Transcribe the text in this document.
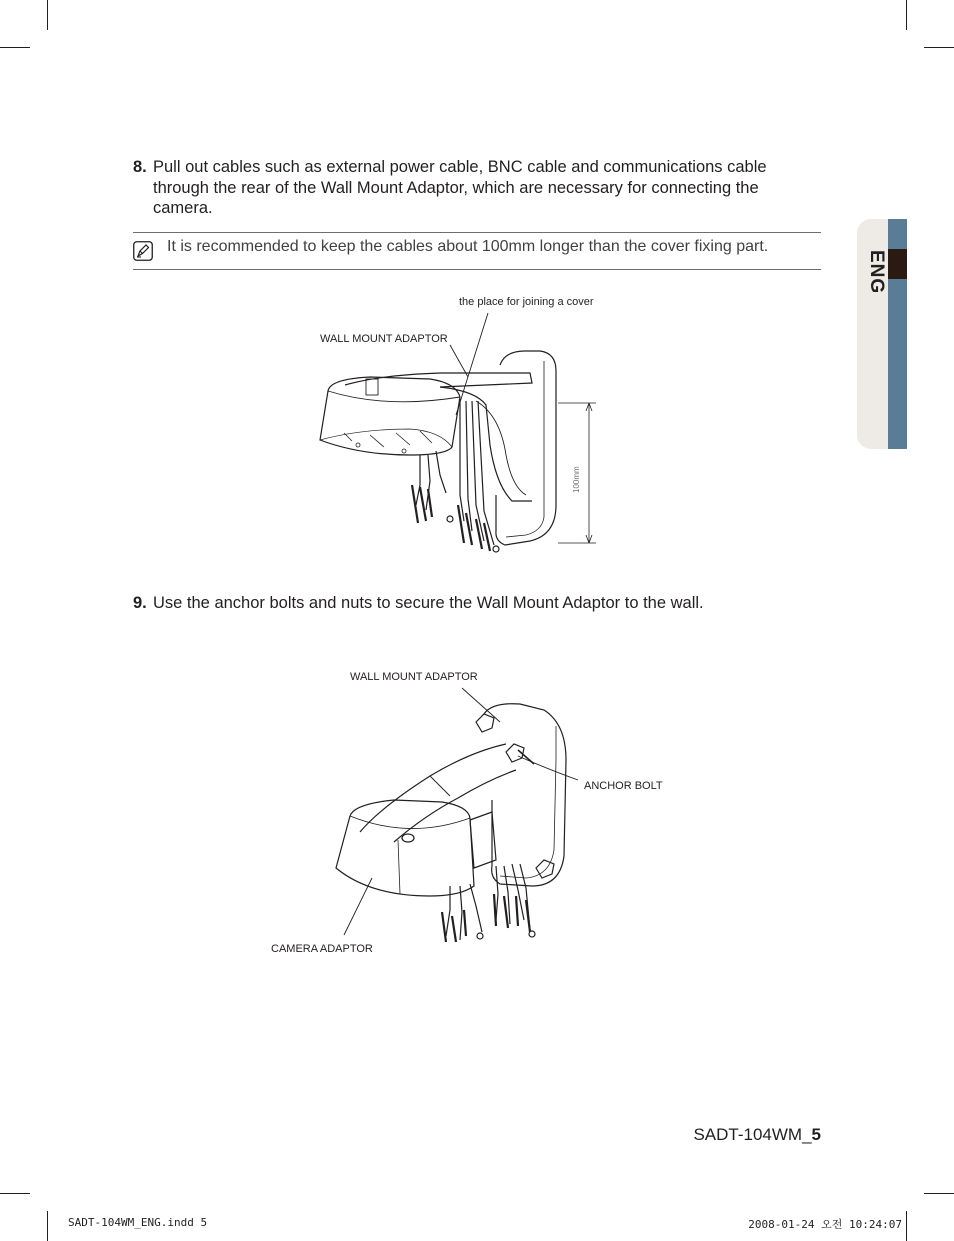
ENG
8. Pull out cables such as external power cable, BNC cable and communications cable through the rear of the Wall Mount Adaptor, which are necessary for connecting the camera.
It is recommended to keep the cables about 100mm longer than the cover fixing part.
the place for joining a cover
WALL MOUNT ADAPTOR
100mm
9. Use the anchor bolts and nuts to secure the Wall Mount Adaptor to the wall.
WALL MOUNT ADAPTOR
ANCHOR BOLT
CAMERA ADAPTOR
SADT-104WM_5
SADT-104WM_ENG.indd 5	2008-01-24 오전 10:24:07
